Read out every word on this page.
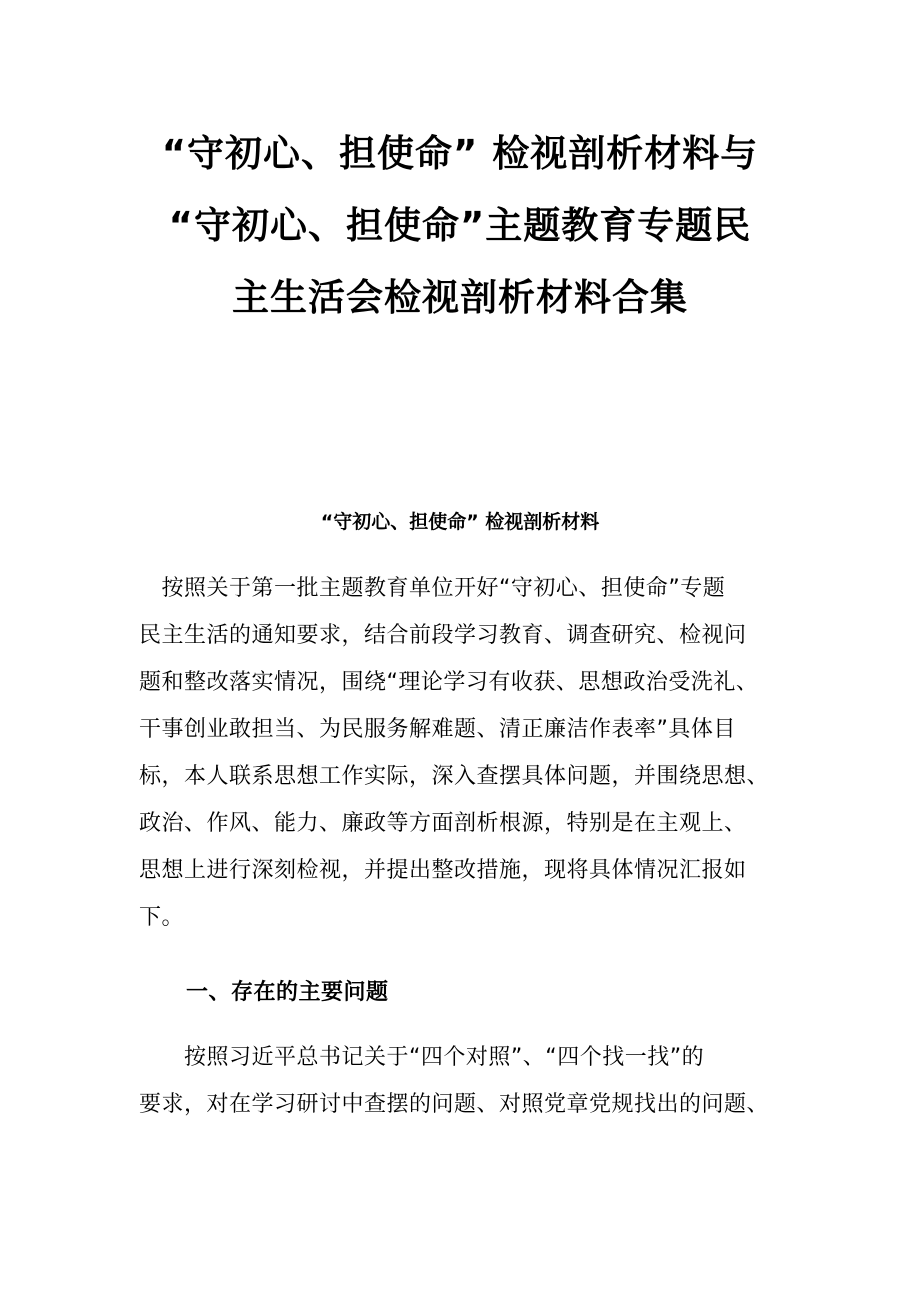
“守初心、担使命” 检视剖析材料与
“守初心、担使命”主题教育专题民
主生活会检视剖析材料合集
“守初心、担使命” 检视剖析材料
　按照关于第一批主题教育单位开好“守初心、担使命”专题
民主生活的通知要求，结合前段学习教育、调查研究、检视问
题和整改落实情况，围绕“理论学习有收获、思想政治受洗礼、
干事创业敢担当、为民服务解难题、清正廉洁作表率”具体目
标，本人联系思想工作实际，深入查摆具体问题，并围绕思想、
政治、作风、能力、廉政等方面剖析根源，特别是在主观上、
思想上进行深刻检视，并提出整改措施，现将具体情况汇报如
下。
一、存在的主要问题
　　按照习近平总书记关于“四个对照”、“四个找一找”的
要求，对在学习研讨中查摆的问题、对照党章党规找出的问题、
